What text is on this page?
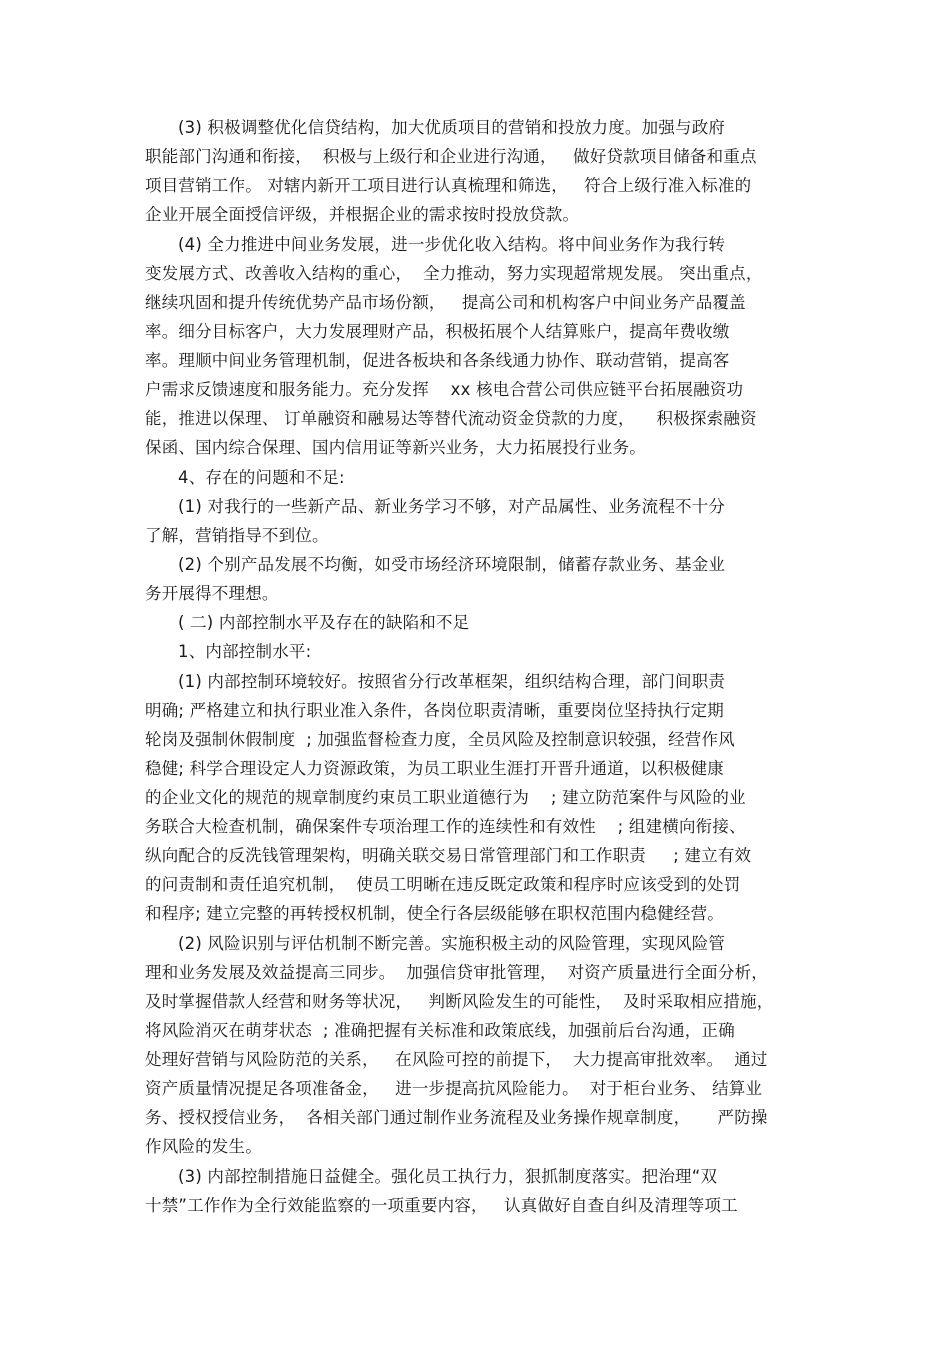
(3) 积极调整优化信贷结构，加大优质项目的营销和投放力度。加强与政府
职能部门沟通和衔接，  积极与上级行和企业进行沟通，   做好贷款项目储备和重点
项目营销工作。 对辖内新开工项目进行认真梳理和筛选，   符合上级行准入标准的
企业开展全面授信评级，并根据企业的需求按时投放贷款。
(4) 全力推进中间业务发展，进一步优化收入结构。将中间业务作为我行转
变发展方式、改善收入结构的重心，  全力推动，努力实现超常规发展。 突出重点，
继续巩固和提升传统优势产品市场份额，   提高公司和机构客户中间业务产品覆盖
率。细分目标客户，大力发展理财产品，积极拓展个人结算账户，提高年费收缴
率。理顺中间业务管理机制，促进各板块和各条线通力协作、联动营销，提高客
户需求反馈速度和服务能力。充分发挥    xx 核电合营公司供应链平台拓展融资功
能，推进以保理、 订单融资和融易达等替代流动资金贷款的力度，    积极探索融资
保函、国内综合保理、国内信用证等新兴业务，大力拓展投行业务。
4、存在的问题和不足:
(1) 对我行的一些新产品、新业务学习不够，对产品属性、业务流程不十分
了解，营销指导不到位。
(2) 个别产品发展不均衡，如受市场经济环境限制，储蓄存款业务、基金业
务开展得不理想。
( 二) 内部控制水平及存在的缺陷和不足
1、内部控制水平:
(1) 内部控制环境较好。按照省分行改革框架，组织结构合理，部门间职责
明确; 严格建立和执行职业准入条件，各岗位职责清晰，重要岗位坚持执行定期
轮岗及强制休假制度  ; 加强监督检查力度，全员风险及控制意识较强，经营作风
稳健; 科学合理设定人力资源政策，为员工职业生涯打开晋升通道，以积极健康
的企业文化的规范的规章制度约束员工职业道德行为    ; 建立防范案件与风险的业
务联合大检查机制，确保案件专项治理工作的连续性和有效性    ; 组建横向衔接、
纵向配合的反洗钱管理架构，明确关联交易日常管理部门和工作职责     ; 建立有效
的问责制和责任追究机制，  使员工明晰在违反既定政策和程序时应该受到的处罚
和程序; 建立完整的再转授权机制，使全行各层级能够在职权范围内稳健经营。
(2) 风险识别与评估机制不断完善。实施积极主动的风险管理，实现风险管
理和业务发展及效益提高三同步。  加强信贷审批管理，  对资产质量进行全面分析，
及时掌握借款人经营和财务等状况，   判断风险发生的可能性，  及时采取相应措施，
将风险消灭在萌芽状态  ; 准确把握有关标准和政策底线，加强前后台沟通，正确
处理好营销与风险防范的关系，   在风险可控的前提下，  大力提高审批效率。  通过
资产质量情况提足各项准备金，   进一步提高抗风险能力。  对于柜台业务、 结算业
务、授权授信业务，  各相关部门通过制作业务流程及业务操作规章制度，     严防操
作风险的发生。
(3) 内部控制措施日益健全。强化员工执行力，狠抓制度落实。把治理“双
十禁”工作作为全行效能监察的一项重要内容，   认真做好自查自纠及清理等项工
